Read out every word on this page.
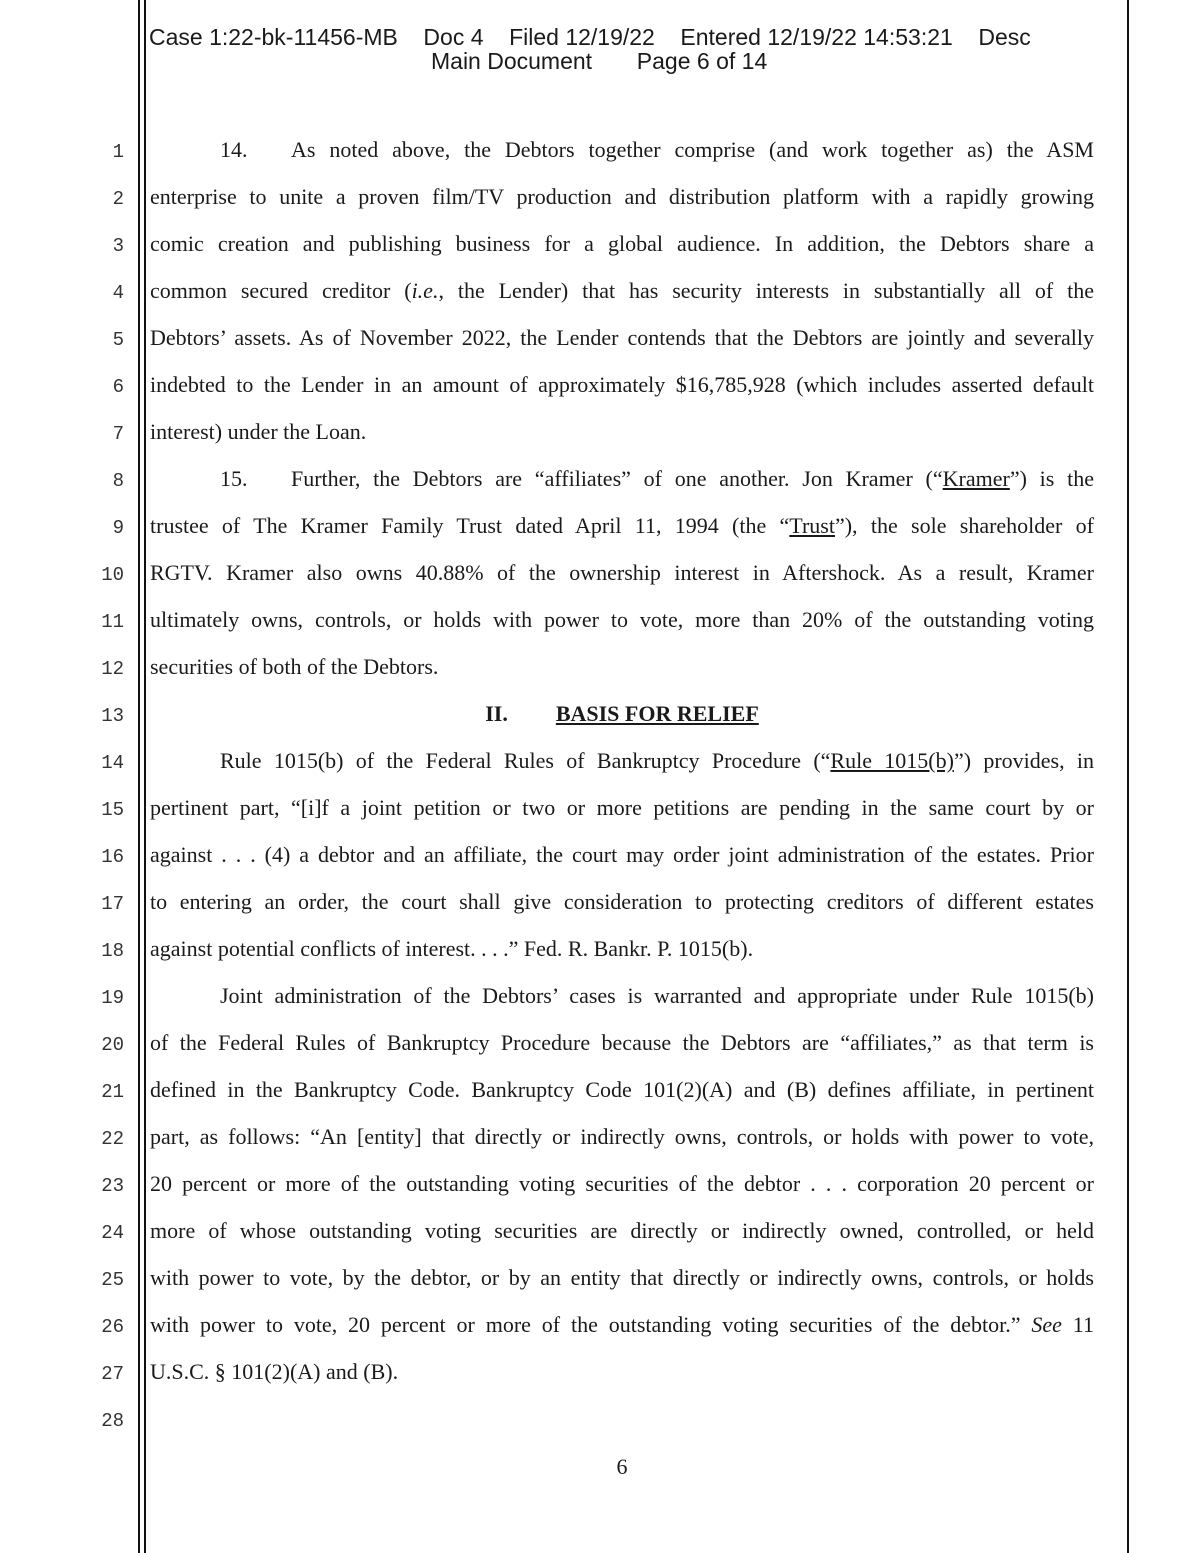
Case 1:22-bk-11456-MB    Doc 4    Filed 12/19/22    Entered 12/19/22 14:53:21    Desc
Main Document       Page 6 of 14
1
2
3
4
5
6
7
8
9
10
11
12
13
14
15
16
17
18
19
20
21
22
23
24
25
26
27
28
14. As noted above, the Debtors together comprise (and work together as) the ASM
enterprise to unite a proven film/TV production and distribution platform with a rapidly growing
comic creation and publishing business for a global audience. In addition, the Debtors share a
common secured creditor (i.e., the Lender) that has security interests in substantially all of the
Debtors’ assets. As of November 2022, the Lender contends that the Debtors are jointly and severally
indebted to the Lender in an amount of approximately $16,785,928 (which includes asserted default
interest) under the Loan.
15. Further, the Debtors are “affiliates” of one another. Jon Kramer (“Kramer”) is the
trustee of The Kramer Family Trust dated April 11, 1994 (the “Trust”), the sole shareholder of
RGTV. Kramer also owns 40.88% of the ownership interest in Aftershock. As a result, Kramer
ultimately owns, controls, or holds with power to vote, more than 20% of the outstanding voting
securities of both of the Debtors.
II. BASIS FOR RELIEF
Rule 1015(b) of the Federal Rules of Bankruptcy Procedure (“Rule 1015(b)”) provides, in
pertinent part, “[i]f a joint petition or two or more petitions are pending in the same court by or
against . . . (4) a debtor and an affiliate, the court may order joint administration of the estates. Prior
to entering an order, the court shall give consideration to protecting creditors of different estates
against potential conflicts of interest. . . .” Fed. R. Bankr. P. 1015(b).
Joint administration of the Debtors’ cases is warranted and appropriate under Rule 1015(b)
of the Federal Rules of Bankruptcy Procedure because the Debtors are “affiliates,” as that term is
defined in the Bankruptcy Code. Bankruptcy Code 101(2)(A) and (B) defines affiliate, in pertinent
part, as follows: “An [entity] that directly or indirectly owns, controls, or holds with power to vote,
20 percent or more of the outstanding voting securities of the debtor . . . corporation 20 percent or
more of whose outstanding voting securities are directly or indirectly owned, controlled, or held
with power to vote, by the debtor, or by an entity that directly or indirectly owns, controls, or holds
with power to vote, 20 percent or more of the outstanding voting securities of the debtor.” See 11
U.S.C. § 101(2)(A) and (B).
6
